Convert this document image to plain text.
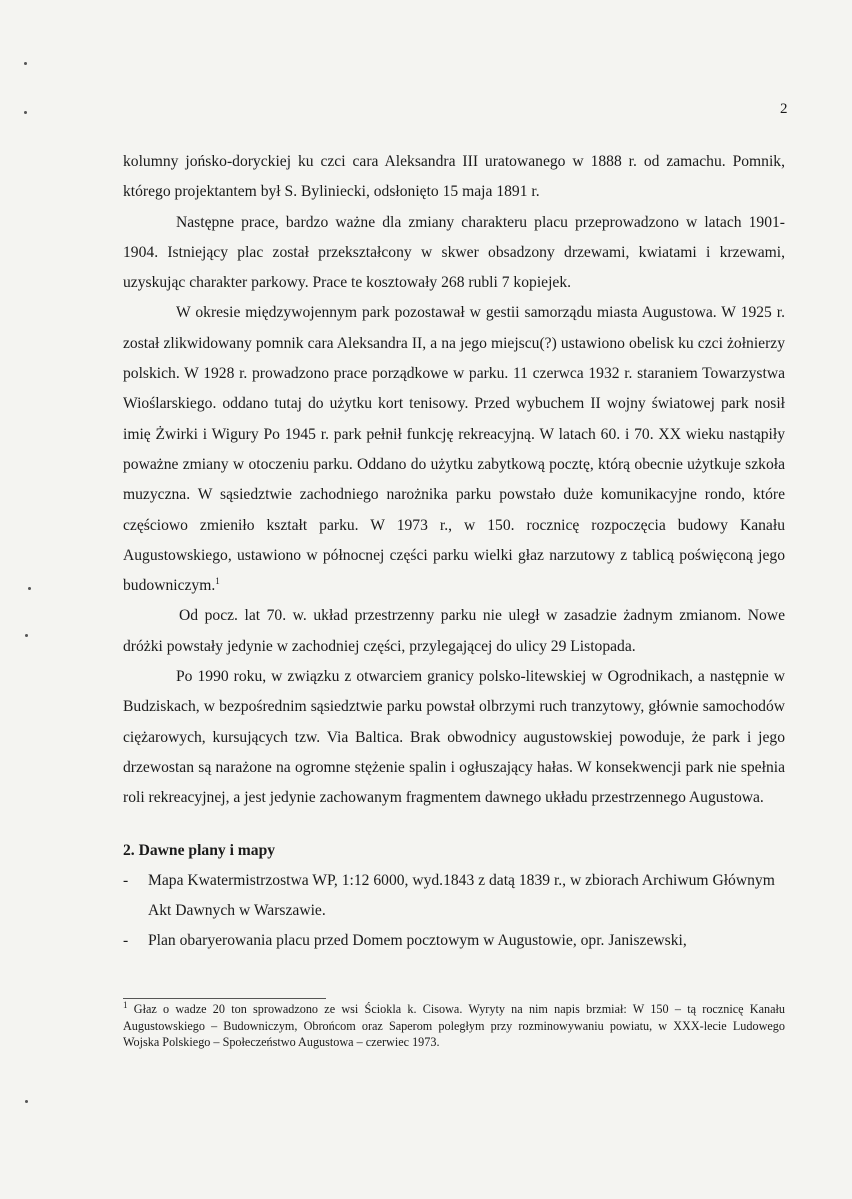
2

kolumny jońsko-doryckiej ku czci cara Aleksandra III uratowanego w 1888 r. od zamachu. Pomnik, którego projektantem był S. Byliniecki, odsłonięto 15 maja 1891 r.

Następne prace, bardzo ważne dla zmiany charakteru placu przeprowadzono w latach 1901-1904. Istniejący plac został przekształcony w skwer obsadzony drzewami, kwiatami i krzewami, uzyskując charakter parkowy. Prace te kosztowały 268 rubli 7 kopiejek.

W okresie międzywojennym park pozostawał w gestii samorządu miasta Augustowa. W 1925 r. został zlikwidowany pomnik cara Aleksandra II, a na jego miejscu(?) ustawiono obelisk ku czci żołnierzy polskich. W 1928 r. prowadzono prace porządkowe w parku. 11 czerwca 1932 r. staraniem Towarzystwa Wioślarskiego. oddano tutaj do użytku kort tenisowy. Przed wybuchem II wojny światowej park nosił imię Żwirki i Wigury Po 1945 r. park pełnił funkcję rekreacyjną. W latach 60. i 70. XX wieku nastąpiły poważne zmiany w otoczeniu parku. Oddano do użytku zabytkową pocztę, którą obecnie użytkuje szkoła muzyczna. W sąsiedztwie zachodniego narożnika parku powstało duże komunikacyjne rondo, które częściowo zmieniło kształt parku. W 1973 r., w 150. rocznicę rozpoczęcia budowy Kanału Augustowskiego, ustawiono w północnej części parku wielki głaz narzutowy z tablicą poświęconą jego budowniczym.$^1$

Od pocz. lat 70. w. układ przestrzenny parku nie uległ w zasadzie żadnym zmianom. Nowe dróżki powstały jedynie w zachodniej części, przylegającej do ulicy 29 Listopada.

Po 1990 roku, w związku z otwarciem granicy polsko-litewskiej w Ogrodnikach, a następnie w Budziskach, w bezpośrednim sąsiedztwie parku powstał olbrzymi ruch tranzytowy, głównie samochodów ciężarowych, kursujących tzw. Via Baltica. Brak obwodnicy augustowskiej powoduje, że park i jego drzewostan są narażone na ogromne stężenie spalin i ogłuszający hałas. W konsekwencji park nie spełnia roli rekreacyjnej, a jest jedynie zachowanym fragmentem dawnego układu przestrzennego Augustowa.

2. Dawne plany i mapy
- Mapa Kwatermistrzostwa WP, 1:12 6000, wyd.1843 z datą 1839 r., w zbiorach Archiwum Głównym Akt Dawnych w Warszawie.
- Plan obaryerowania placu przed Domem pocztowym w Augustowie, opr. Janiszewski,
$^1$ Głaz o wadze 20 ton sprowadzono ze wsi Ściokla k. Cisowa. Wyryty na nim napis brzmiał: W 150 – tą rocznicę Kanału Augustowskiego – Budowniczym, Obrońcom oraz Saperom poległym przy rozminowywaniu powiatu, w XXX-lecie Ludowego Wojska Polskiego – Społeczeństwo Augustowa – czerwiec 1973.
